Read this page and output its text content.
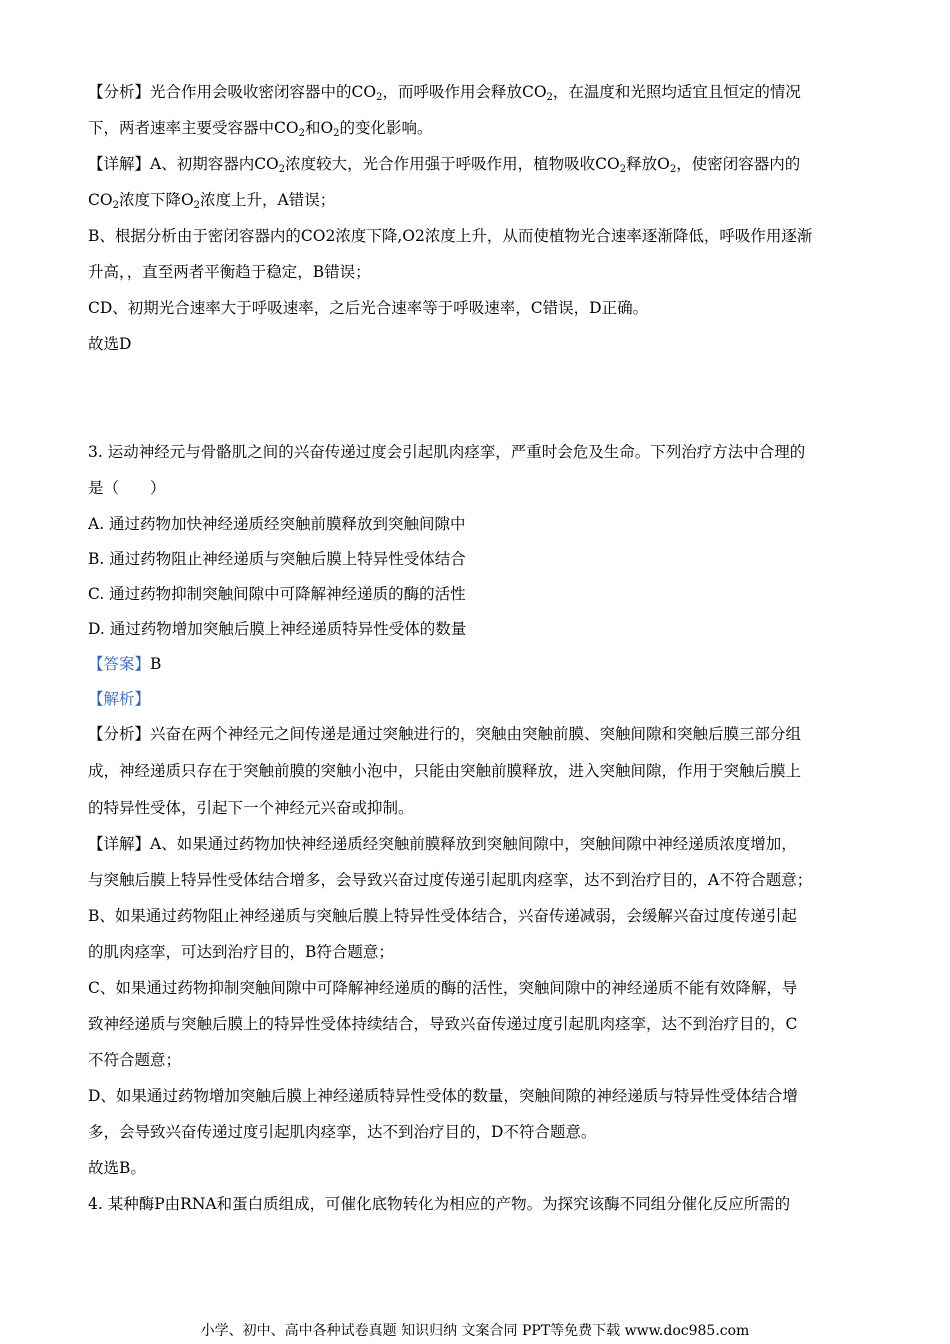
【分析】光合作用会吸收密闭容器中的$CO_2$，而呼吸作用会释放$CO_2$，在温度和光照均适宜且恒定的情况
下，两者速率主要受容器中$CO_2$和$O_2$的变化影响。
【详解】A、初期容器内$CO_2$浓度较大，光合作用强于呼吸作用，植物吸收$CO_2$释放$O_2$，使密闭容器内的
$CO_2$浓度下降$O_2$浓度上升，A错误；
B、根据分析由于密闭容器内的CO2浓度下降,O2浓度上升，从而使植物光合速率逐渐降低，呼吸作用逐渐
升高，，直至两者平衡趋于稳定，B错误；
CD、初期光合速率大于呼吸速率，之后光合速率等于呼吸速率，C错误，D正确。
故选D
3. 运动神经元与骨骼肌之间的兴奋传递过度会引起肌肉痉挛，严重时会危及生命。下列治疗方法中合理的
是（　　）
A. 通过药物加快神经递质经突触前膜释放到突触间隙中
B. 通过药物阻止神经递质与突触后膜上特异性受体结合
C. 通过药物抑制突触间隙中可降解神经递质的酶的活性
D. 通过药物增加突触后膜上神经递质特异性受体的数量
【答案】B
【解析】
【分析】兴奋在两个神经元之间传递是通过突触进行的，突触由突触前膜、突触间隙和突触后膜三部分组
成，神经递质只存在于突触前膜的突触小泡中，只能由突触前膜释放，进入突触间隙，作用于突触后膜上
的特异性受体，引起下一个神经元兴奋或抑制。
【详解】A、如果通过药物加快神经递质经突触前膜释放到突触间隙中，突触间隙中神经递质浓度增加，
与突触后膜上特异性受体结合增多，会导致兴奋过度传递引起肌肉痉挛，达不到治疗目的，A不符合题意；
B、如果通过药物阻止神经递质与突触后膜上特异性受体结合，兴奋传递减弱，会缓解兴奋过度传递引起
的肌肉痉挛，可达到治疗目的，B符合题意；
C、如果通过药物抑制突触间隙中可降解神经递质的酶的活性，突触间隙中的神经递质不能有效降解，导
致神经递质与突触后膜上的特异性受体持续结合，导致兴奋传递过度引起肌肉痉挛，达不到治疗目的，C
不符合题意；
D、如果通过药物增加突触后膜上神经递质特异性受体的数量，突触间隙的神经递质与特异性受体结合增
多，会导致兴奋传递过度引起肌肉痉挛，达不到治疗目的，D不符合题意。
故选B。
4. 某种酶P由RNA和蛋白质组成，可催化底物转化为相应的产物。为探究该酶不同组分催化反应所需的
小学、初中、高中各种试卷真题 知识归纳 文案合同 PPT等免费下载 www.doc985.com
